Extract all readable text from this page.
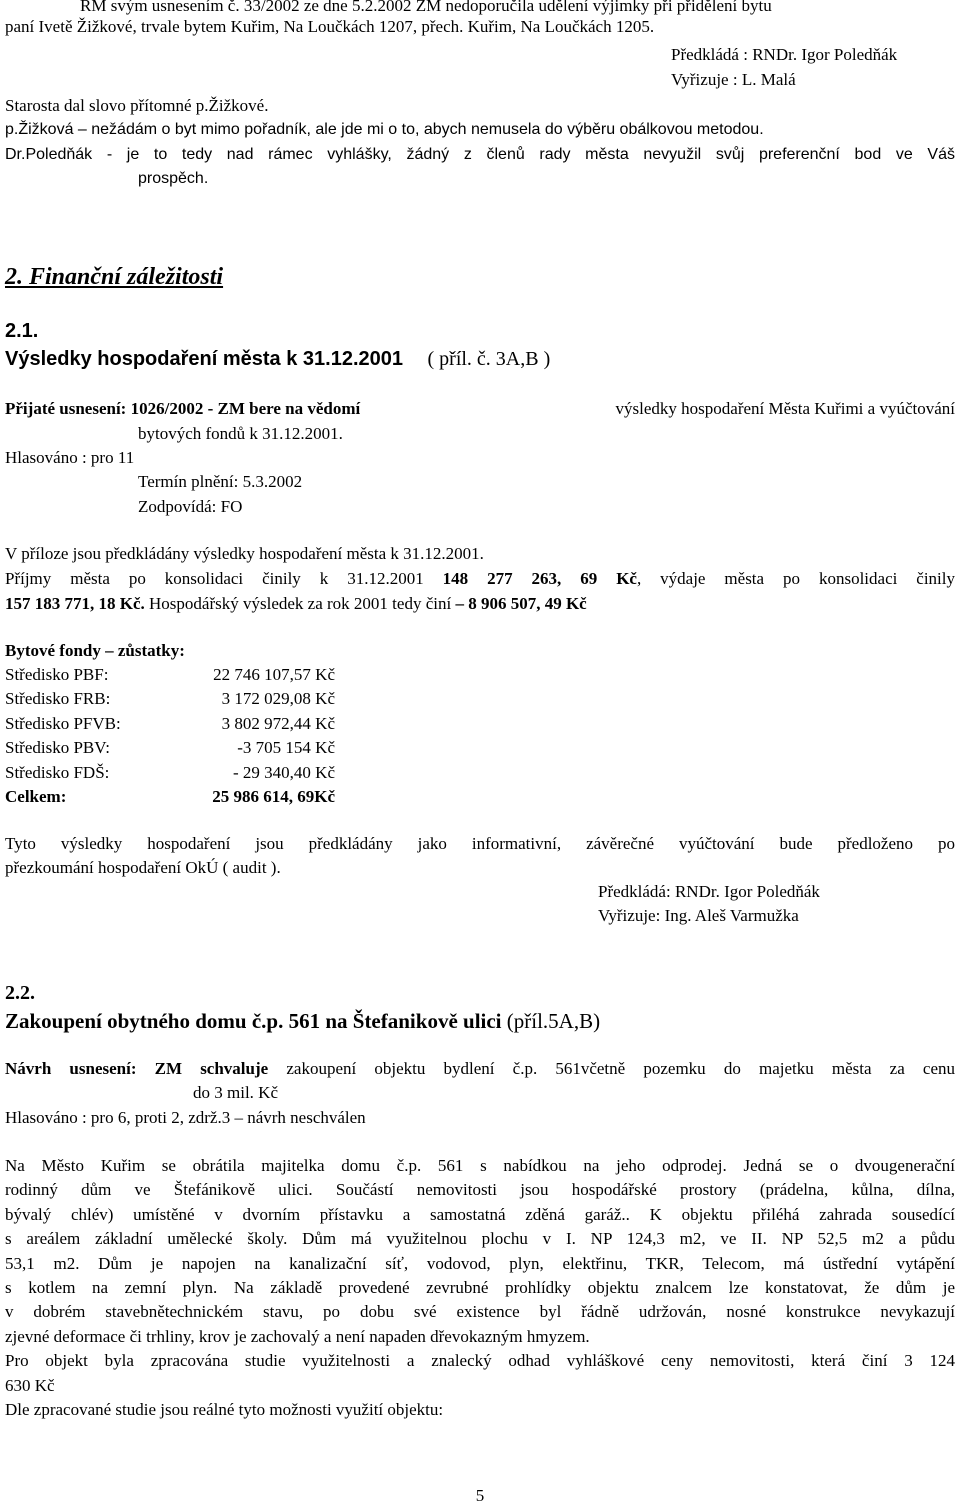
RM svým usnesením č. 33/2002 ze dne 5.2.2002 ZM nedoporučila udělení výjimky při přidělení bytu
paní Ivetě Žižkové, trvale bytem Kuřim, Na Loučkách 1207, přech. Kuřim, Na Loučkách 1205.
Předkládá : RNDr. Igor Poledňák
Vyřizuje : L. Malá
Starosta dal slovo přítomné p.Žižkové.
p.Žižková – nežádám o byt mimo pořadník, ale jde mi o to, abych nemusela do výběru obálkovou metodou.
Dr.Poledňák - je to tedy nad rámec vyhlášky, žádný z členů rady města nevyužil svůj preferenční bod ve Váš
prospěch.
2. Finanční záležitosti
2.1.
Výsledky hospodaření města k 31.12.2001 ( příl. č. 3A,B )
Přijaté usnesení: 1026/2002 - ZM bere na vědomí	výsledky hospodaření Města Kuřimi a vyúčtování
bytových fondů k 31.12.2001.
Hlasováno : pro 11
Termín plnění: 5.3.2002
Zodpovídá: FO
V příloze jsou předkládány výsledky hospodaření města k 31.12.2001.
Příjmy města po konsolidaci činily k 31.12.2001 148 277 263, 69 Kč, výdaje města po konsolidaci činily
157 183 771, 18 Kč. Hospodářský výsledek za rok 2001 tedy činí – 8 906 507, 49 Kč
Bytové fondy – zůstatky:
Středisko PBF:	22 746 107,57 Kč
Středisko FRB:	3 172 029,08 Kč
Středisko PFVB:	3 802 972,44 Kč
Středisko PBV:	-3 705 154 Kč
Středisko FDŠ:	- 29 340,40 Kč
Celkem:	25 986 614, 69Kč
Tyto výsledky hospodaření jsou předkládány jako informativní, závěrečné vyúčtování bude předloženo po
přezkoumání hospodaření OkÚ ( audit ).
Předkládá: RNDr. Igor Poledňák
Vyřizuje: Ing. Aleš Varmužka
2.2.
Zakoupení obytného domu č.p. 561 na Štefanikově ulici (příl.5A,B)
Návrh usnesení: ZM schvaluje zakoupení objektu bydlení č.p. 561včetně pozemku do majetku města za cenu
do 3 mil. Kč
Hlasováno : pro 6, proti 2, zdrž.3 – návrh neschválen
Na Město Kuřim se obrátila majitelka domu č.p. 561 s nabídkou na jeho odprodej. Jedná se o dvougenerační
rodinný dům ve Štefánikově ulici. Součástí nemovitosti jsou hospodářské prostory (prádelna, kůlna, dílna,
bývalý chlév) umístěné v dvorním přístavku a samostatná zděná garáž.. K objektu přiléhá zahrada sousedící
s areálem základní umělecké školy. Dům má využitelnou plochu v I. NP 124,3 m2, ve II. NP 52,5 m2 a půdu
53,1 m2. Dům je napojen na kanalizační síť, vodovod, plyn, elektřinu, TKR, Telecom, má ústřední vytápění
s kotlem na zemní plyn. Na základě provedené zevrubné prohlídky objektu znalcem lze konstatovat, že dům je
v dobrém stavebnětechnickém stavu, po dobu své existence byl řádně udržován, nosné konstrukce nevykazují
zjevné deformace či trhliny, krov je zachovalý a není napaden dřevokazným hmyzem.
Pro objekt byla zpracována studie využitelnosti a znalecký odhad vyhláškové ceny nemovitosti, která činí 3 124
630 Kč
Dle zpracované studie jsou reálné tyto možnosti využití objektu:
5
